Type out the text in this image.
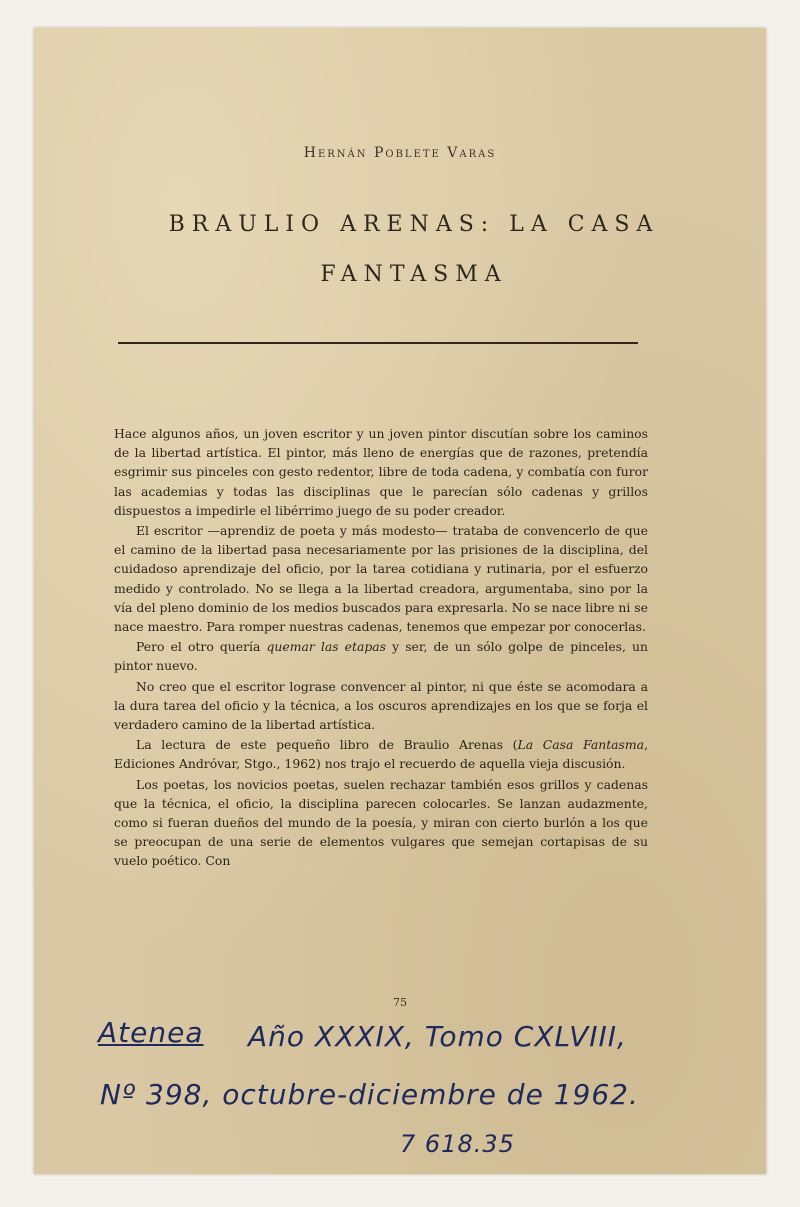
Hernán Poblete Varas
BRAULIO ARENAS: LA CASA
FANTASMA

Hace algunos años, un joven escritor y un joven pintor discutían sobre los caminos de la libertad artística. El pintor, más lleno de energías que de razones, pretendía esgrimir sus pinceles con gesto redentor, libre de toda cadena, y combatía con furor las academias y todas las disciplinas que le parecían sólo cadenas y grillos dispuestos a impedirle el libérrimo juego de su poder creador.

El escritor —aprendiz de poeta y más modesto— trataba de convencerlo de que el camino de la libertad pasa necesariamente por las prisiones de la disciplina, del cuidadoso aprendizaje del oficio, por la tarea cotidiana y rutinaria, por el esfuerzo medido y controlado. No se llega a la libertad creadora, argumentaba, sino por la vía del pleno dominio de los medios buscados para expresarla. No se nace libre ni se nace maestro. Para romper nuestras cadenas, tenemos que empezar por conocerlas.

Pero el otro quería quemar las etapas y ser, de un sólo golpe de pinceles, un pintor nuevo.

No creo que el escritor lograse convencer al pintor, ni que éste se acomodara a la dura tarea del oficio y la técnica, a los oscuros aprendizajes en los que se forja el verdadero camino de la libertad artística.

La lectura de este pequeño libro de Braulio Arenas (La Casa Fantasma, Ediciones Andróvar, Stgo., 1962) nos trajo el recuerdo de aquella vieja discusión.

Los poetas, los novicios poetas, suelen rechazar también esos grillos y cadenas que la técnica, el oficio, la disciplina parecen colocarles. Se lanzan audazmente, como si fueran dueños del mundo de la poesía, y miran con cierto burlón a los que se preocupan de una serie de elementos vulgares que semejan cortapisas de su vuelo poético. Con

75
Atenea Año XXXIX, Tomo CXLVIII,
Nº 398, octubre-diciembre de 1962.
7 618.35
